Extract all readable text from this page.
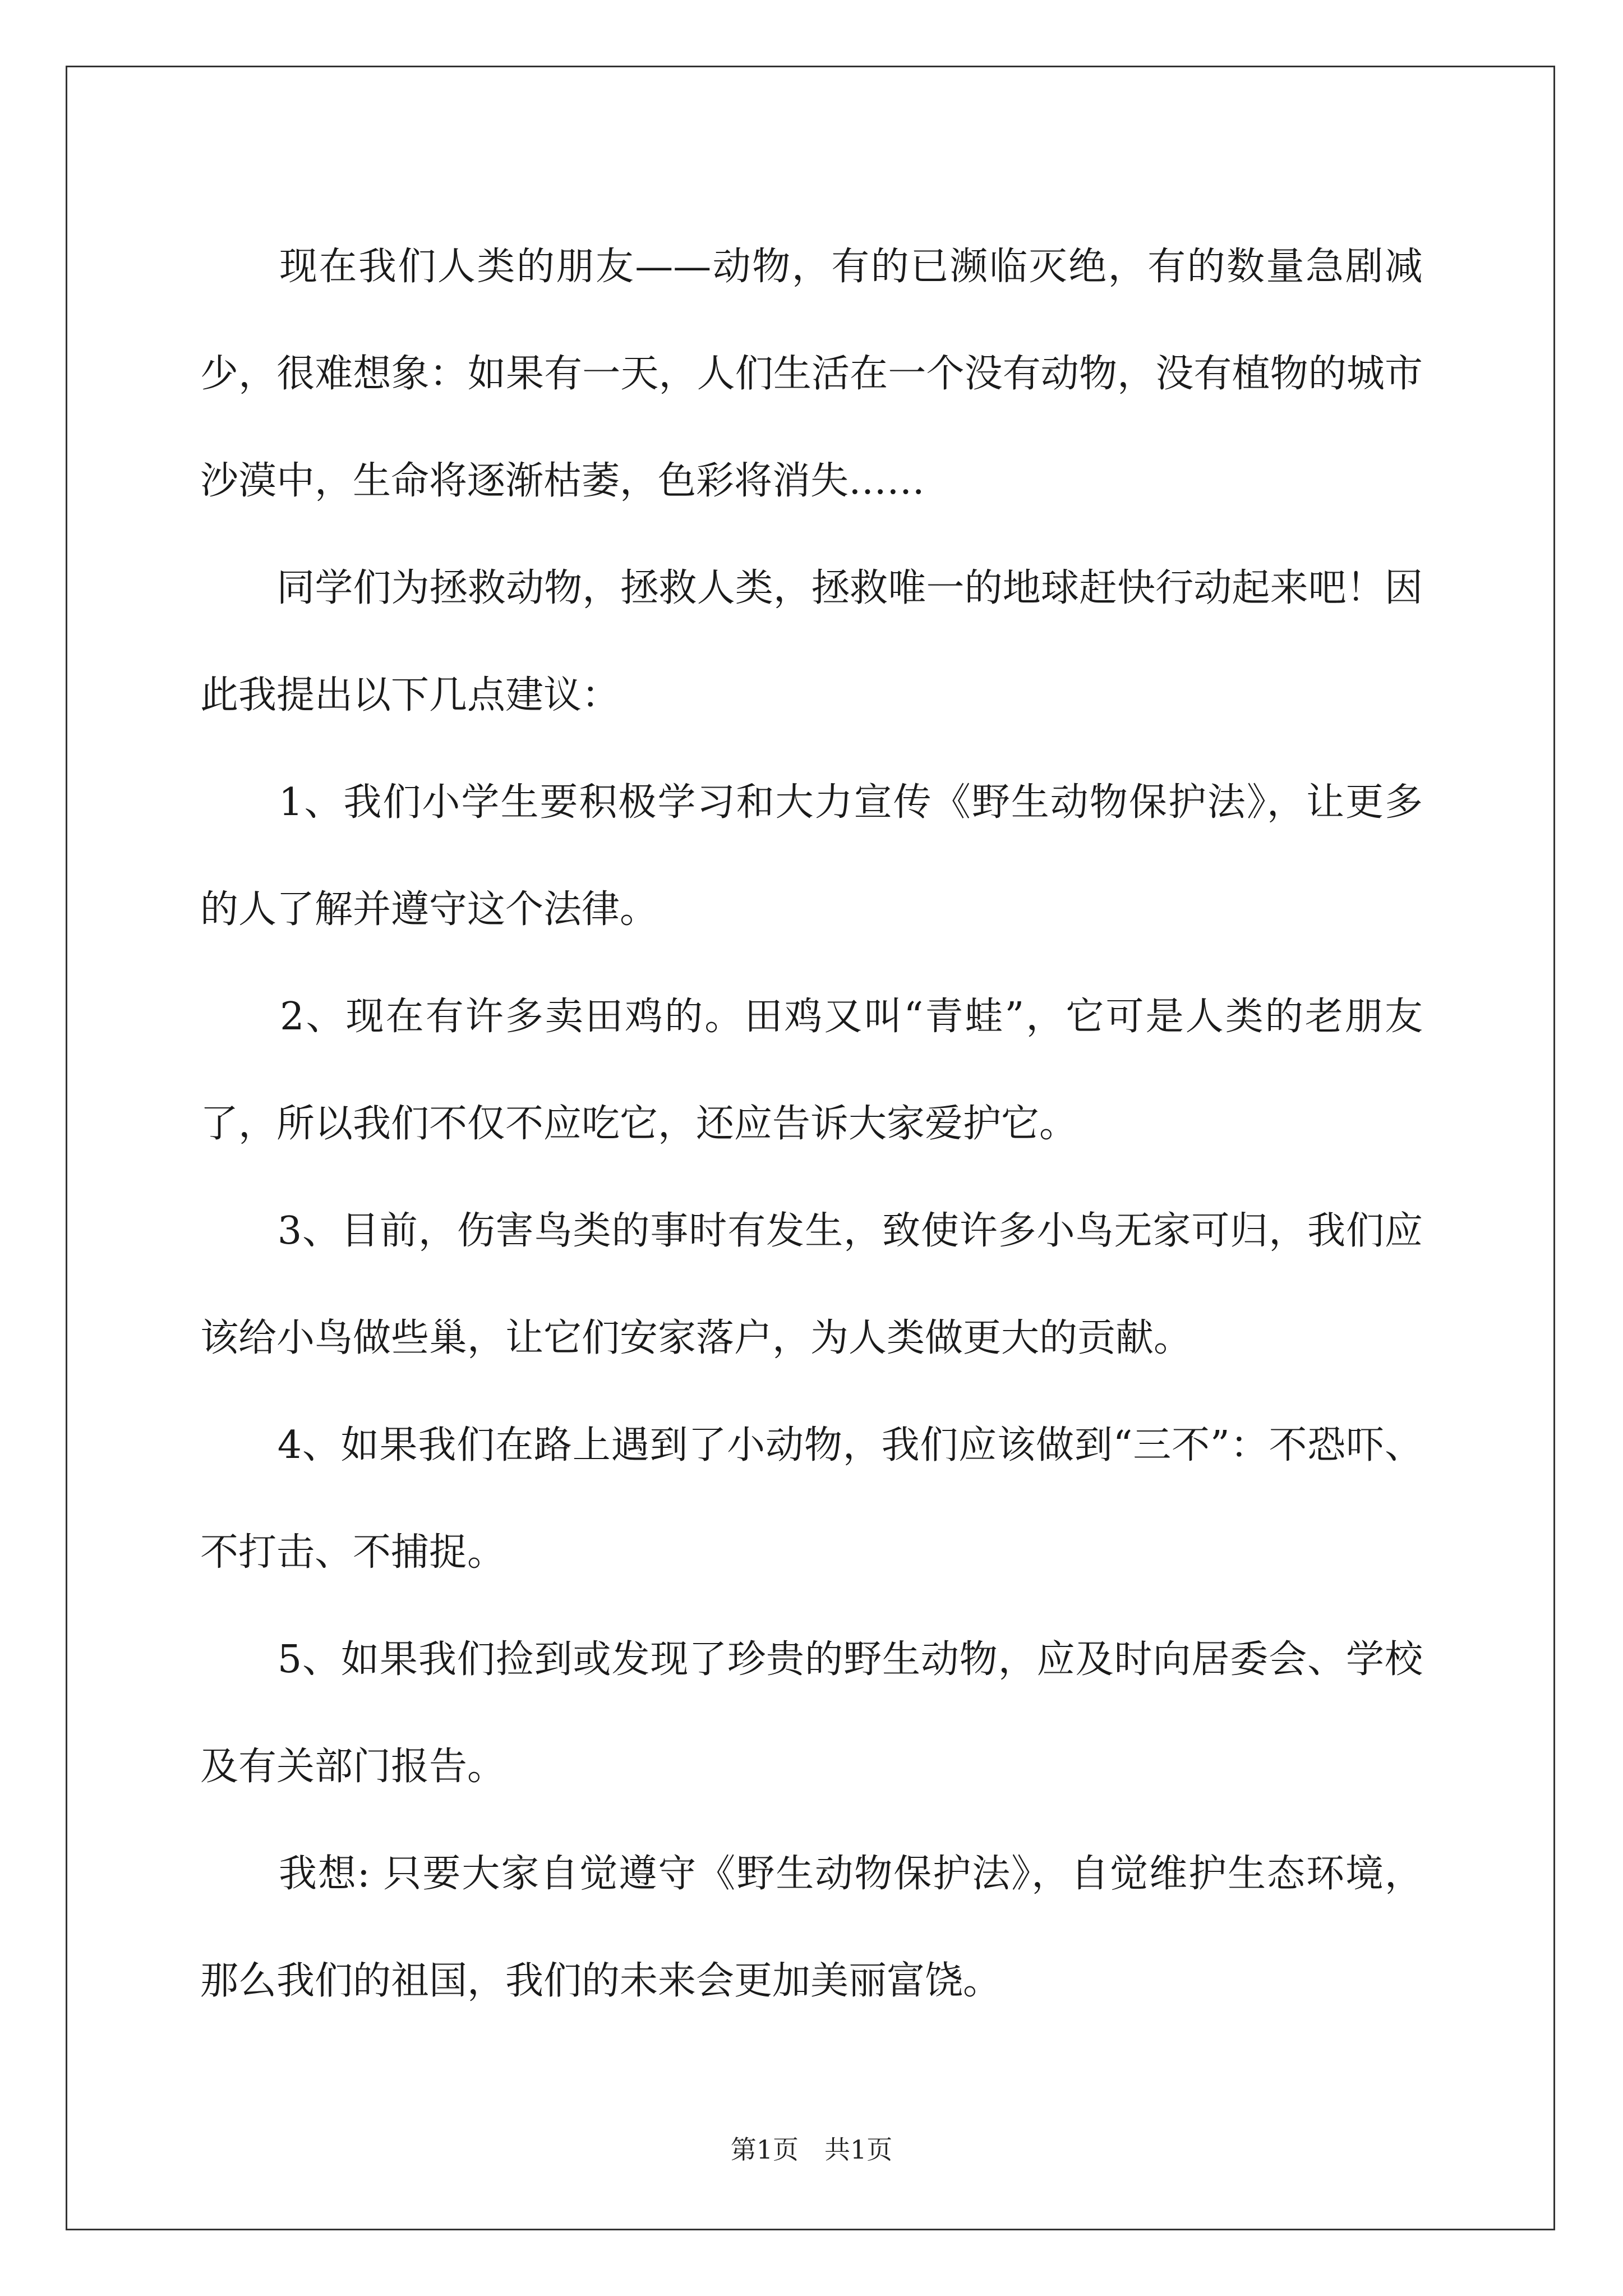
　　现在我们人类的朋友——动物，有的已濒临灭绝，有的数量急剧减少，很难想象：如果有一天，人们生活在一个没有动物，没有植物的城市沙漠中，生命将逐渐枯萎，色彩将消失……

　　同学们为拯救动物，拯救人类，拯救唯一的地球赶快行动起来吧！因此我提出以下几点建议：

　　1、我们小学生要积极学习和大力宣传《野生动物保护法》，让更多的人了解并遵守这个法律。

　　2、现在有许多卖田鸡的。田鸡又叫“青蛙”，它可是人类的老朋友了，所以我们不仅不应吃它，还应告诉大家爱护它。

　　3、目前，伤害鸟类的事时有发生，致使许多小鸟无家可归，我们应该给小鸟做些巢，让它们安家落户，为人类做更大的贡献。

　　4、如果我们在路上遇到了小动物，我们应该做到“三不”：不恐吓、不打击、不捕捉。

　　5、如果我们捡到或发现了珍贵的野生动物，应及时向居委会、学校及有关部门报告。

　　我想: 只要大家自觉遵守《野生动物保护法》，自觉维护生态环境，那么我们的祖国，我们的未来会更加美丽富饶。

第1页　共1页
